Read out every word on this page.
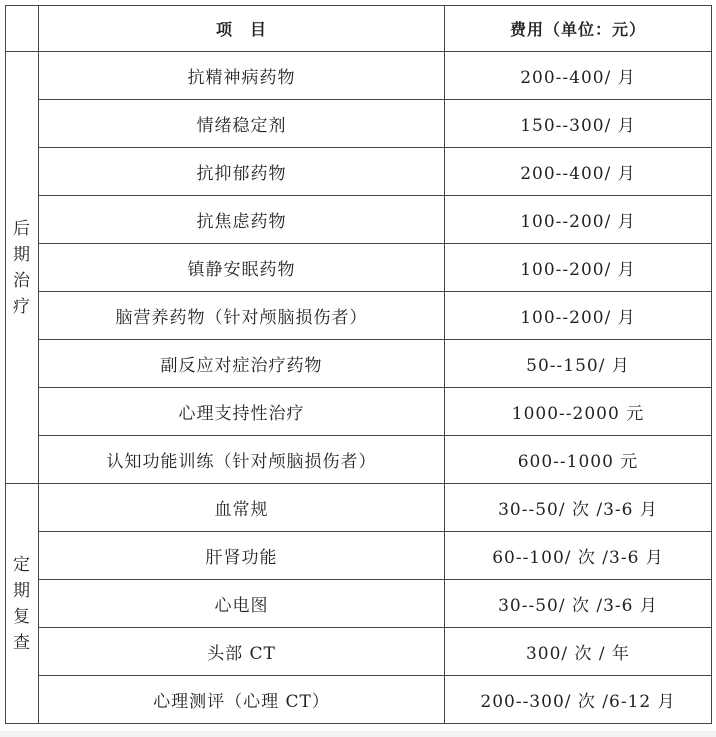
	项　目	费用（单位：元）
后期治疗	抗精神病药物	200--400/ 月
	情绪稳定剂	150--300/ 月
	抗抑郁药物	200--400/ 月
	抗焦虑药物	100--200/ 月
	镇静安眠药物	100--200/ 月
	脑营养药物（针对颅脑损伤者）	100--200/ 月
	副反应对症治疗药物	50--150/ 月
	心理支持性治疗	1000--2000 元
	认知功能训练（针对颅脑损伤者）	600--1000 元
定期复查	血常规	30--50/ 次 /3-6 月
	肝肾功能	60--100/ 次 /3-6 月
	心电图	30--50/ 次 /3-6 月
	头部 CT	300/ 次 / 年
	心理测评（心理 CT）	200--300/ 次 /6-12 月
